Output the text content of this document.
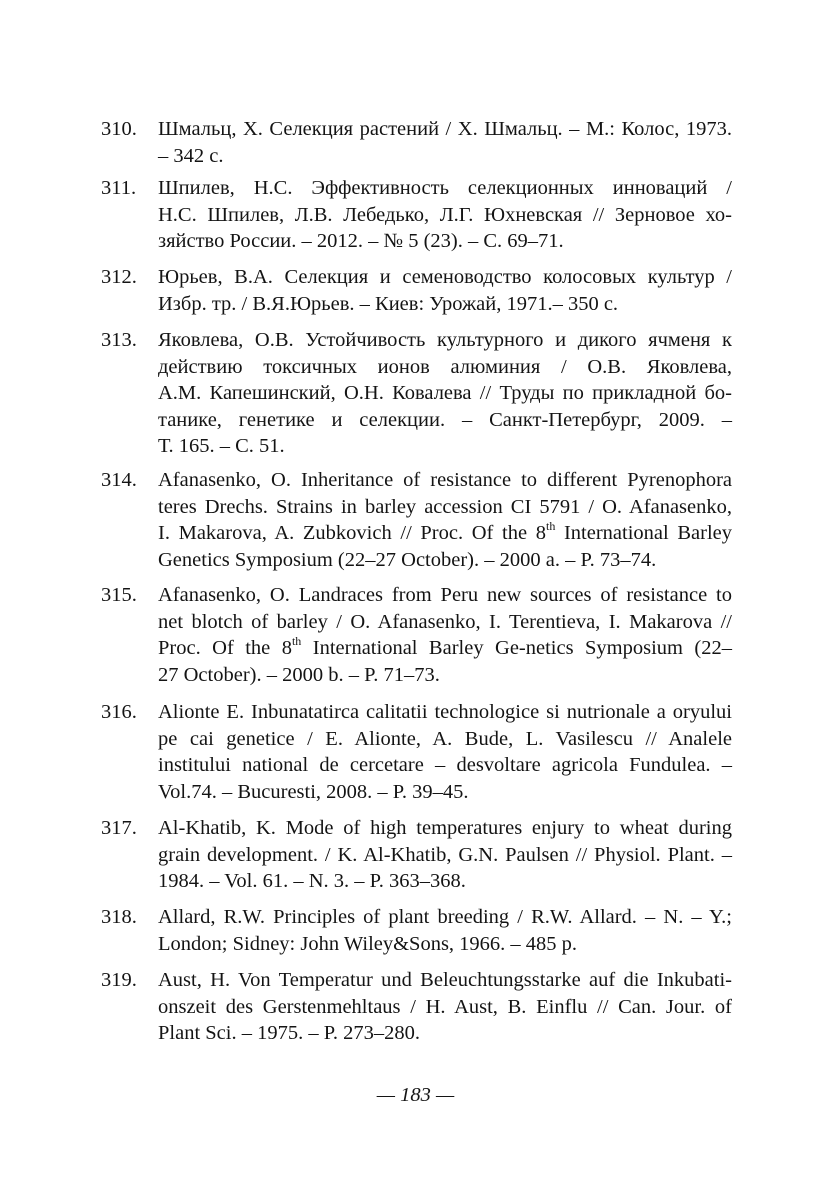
310.	Шмальц, Х. Селекция растений / Х. Шмальц. – М.: Колос, 1973.
– 342 с.
311.	Шпилев, Н.С. Эффективность селекционных инноваций /
Н.С. Шпилев, Л.В. Лебедько, Л.Г. Юхневская // Зерновое хо-
зяйство России. – 2012. – № 5 (23). – С. 69–71.
312.	Юрьев, В.А. Селекция и семеноводство колосовых культур /
Избр. тр. / В.Я.Юрьев. – Киев: Урожай, 1971.– 350 с.
313.	Яковлева, О.В. Устойчивость культурного и дикого ячменя к
действию токсичных ионов алюминия / О.В. Яковлева,
А.М. Капешинский, О.Н. Ковалева // Труды по прикладной бо-
танике, генетике и селекции. – Санкт-Петербург, 2009. –
Т. 165. – С. 51.
314.	Afanasenko, O. Inheritance of resistance to different Pyrenophora
teres Drechs. Strains in barley accession CI 5791 / O. Afanasenko,
I. Makarova, A. Zubkovich // Proc. Of the 8th International Barley
Genetics Symposium (22–27 October). – 2000 a. – P. 73–74.
315.	Afanasenko, O. Landraces from Peru new sources of resistance to
net blotch of barley / O. Afanasenko, I. Terentieva, I. Makarova //
Proc. Of the 8th International Barley Ge-netics Symposium (22–
27 October). – 2000 b. – P. 71–73.
316.	Alionte E. Inbunatatirca calitatii technologice si nutrionale a oryului
pe cai genetice / E. Alionte, A. Bude, L. Vasilescu // Analele
institului national de cercetare – desvoltare agricola Fundulea. –
Vol.74. – Bucuresti, 2008. – P. 39–45.
317.	Al-Khatib, K. Mode of high temperatures enjury to wheat during
grain development. / K. Al-Khatib, G.N. Paulsen // Physiol. Plant. –
1984. – Vol. 61. – N. 3. – P. 363–368.
318.	Allard, R.W. Principles of plant breeding / R.W. Allard. – N. – Y.;
London; Sidney: John Wiley&Sons, 1966. – 485 p.
319.	Aust, H. Von Temperatur und Beleuchtungsstarke auf die Inkubati-
onszeit des Gerstenmehltaus / H. Aust, B. Einflu // Can. Jour. of
Plant Sci. – 1975. – P. 273–280.
— 183 —
